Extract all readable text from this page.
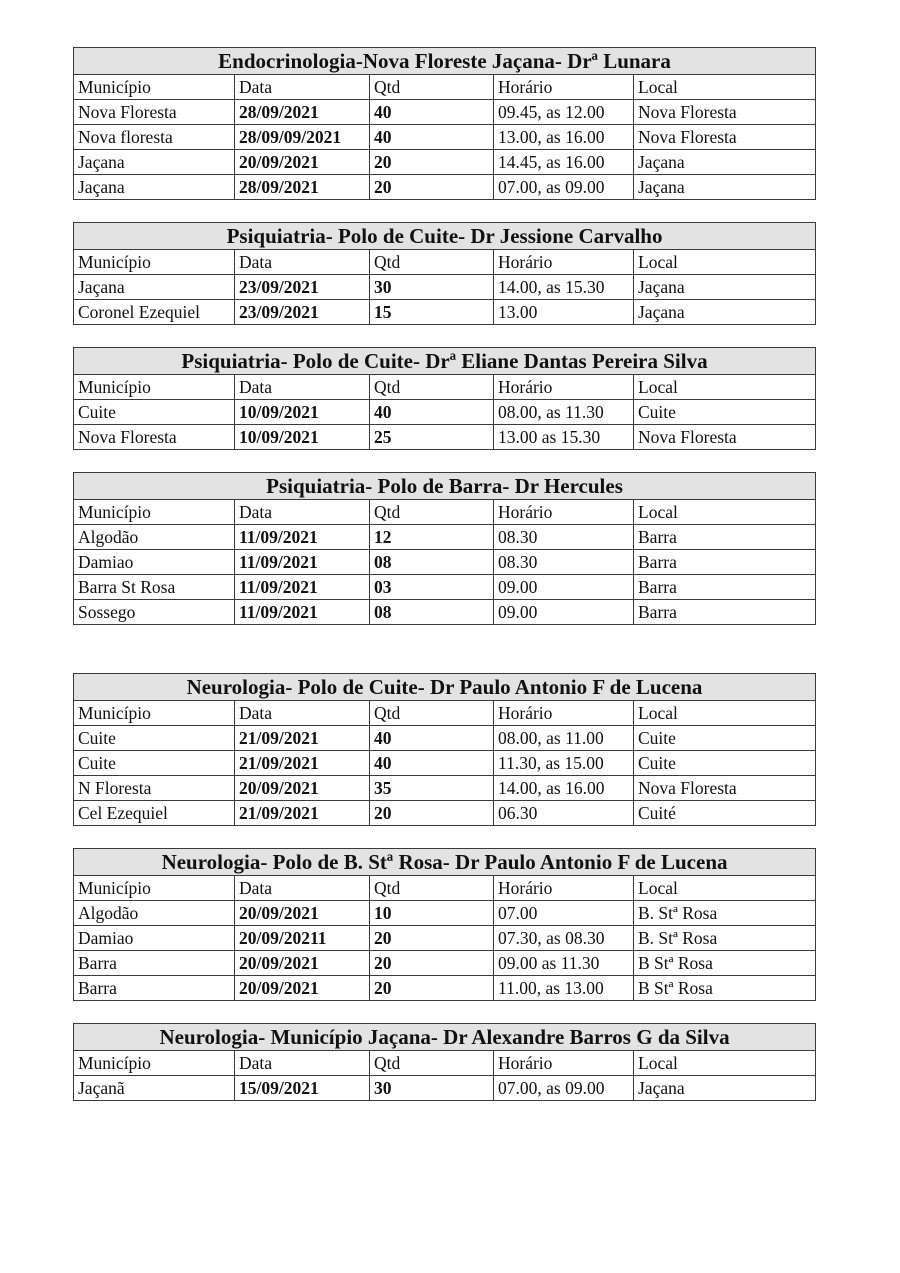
Endocrinologia-Nova Floreste Jaçana- Drª Lunara				
Município	Data	Qtd	Horário	Local
Nova Floresta	28/09/2021	40	09.45, as 12.00	Nova Floresta
Nova floresta	28/09/09/2021	40	13.00, as 16.00	Nova Floresta
Jaçana	20/09/2021	20	14.45, as 16.00	Jaçana
Jaçana	28/09/2021	20	07.00, as 09.00	Jaçana
Psiquiatria- Polo de Cuite- Dr Jessione Carvalho				
Município	Data	Qtd	Horário	Local
Jaçana	23/09/2021	30	14.00, as 15.30	Jaçana
Coronel Ezequiel	23/09/2021	15	13.00	Jaçana
Psiquiatria- Polo de Cuite- Drª Eliane Dantas Pereira Silva				
Município	Data	Qtd	Horário	Local
Cuite	10/09/2021	40	08.00, as 11.30	Cuite
Nova Floresta	10/09/2021	25	13.00 as 15.30	Nova Floresta
Psiquiatria- Polo de Barra- Dr Hercules				
Município	Data	Qtd	Horário	Local
Algodão	11/09/2021	12	08.30	Barra
Damiao	11/09/2021	08	08.30	Barra
Barra St Rosa	11/09/2021	03	09.00	Barra
Sossego	11/09/2021	08	09.00	Barra
Neurologia- Polo de Cuite- Dr Paulo Antonio F de Lucena				
Município	Data	Qtd	Horário	Local
Cuite	21/09/2021	40	08.00, as 11.00	Cuite
Cuite	21/09/2021	40	11.30, as 15.00	Cuite
N Floresta	20/09/2021	35	14.00, as 16.00	Nova Floresta
Cel Ezequiel	21/09/2021	20	06.30	Cuité
Neurologia- Polo de B. Stª Rosa- Dr Paulo Antonio F de Lucena				
Município	Data	Qtd	Horário	Local
Algodão	20/09/2021	10	07.00	B. Stª Rosa
Damiao	20/09/20211	20	07.30, as 08.30	B. Stª Rosa
Barra	20/09/2021	20	09.00 as 11.30	B Stª Rosa
Barra	20/09/2021	20	11.00, as 13.00	B Stª Rosa
Neurologia- Município Jaçana- Dr Alexandre Barros G da Silva				
Município	Data	Qtd	Horário	Local
Jaçanã	15/09/2021	30	07.00, as 09.00	Jaçana
